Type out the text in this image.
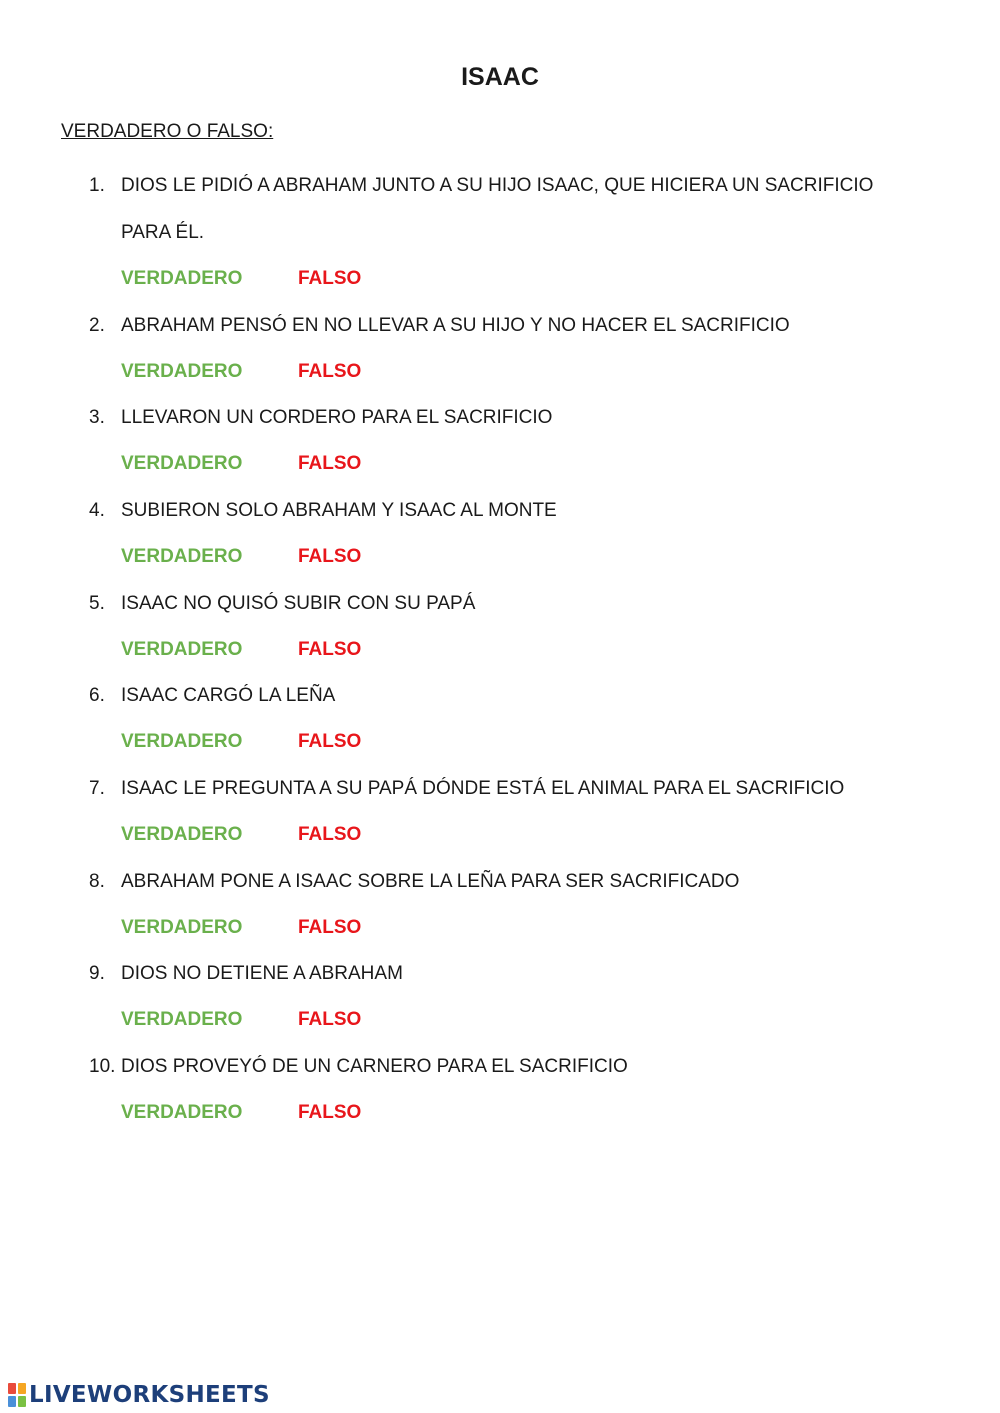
ISAAC
VERDADERO O FALSO:
1. DIOS LE PIDIÓ A ABRAHAM JUNTO A SU HIJO ISAAC, QUE HICIERA UN SACRIFICIO
PARA ÉL.
VERDADERO	FALSO
2. ABRAHAM PENSÓ EN NO LLEVAR A SU HIJO Y NO HACER EL SACRIFICIO
VERDADERO	FALSO
3. LLEVARON UN CORDERO PARA EL SACRIFICIO
VERDADERO	FALSO
4. SUBIERON SOLO ABRAHAM Y ISAAC AL MONTE
VERDADERO	FALSO
5. ISAAC NO QUISÓ SUBIR CON SU PAPÁ
VERDADERO	FALSO
6. ISAAC CARGÓ LA LEÑA
VERDADERO	FALSO
7. ISAAC LE PREGUNTA A SU PAPÁ DÓNDE ESTÁ EL ANIMAL PARA EL SACRIFICIO
VERDADERO	FALSO
8. ABRAHAM PONE A ISAAC SOBRE LA LEÑA PARA SER SACRIFICADO
VERDADERO	FALSO
9. DIOS NO DETIENE A ABRAHAM
VERDADERO	FALSO
10. DIOS PROVEYÓ DE UN CARNERO PARA EL SACRIFICIO
VERDADERO	FALSO
LIVEWORKSHEETS
